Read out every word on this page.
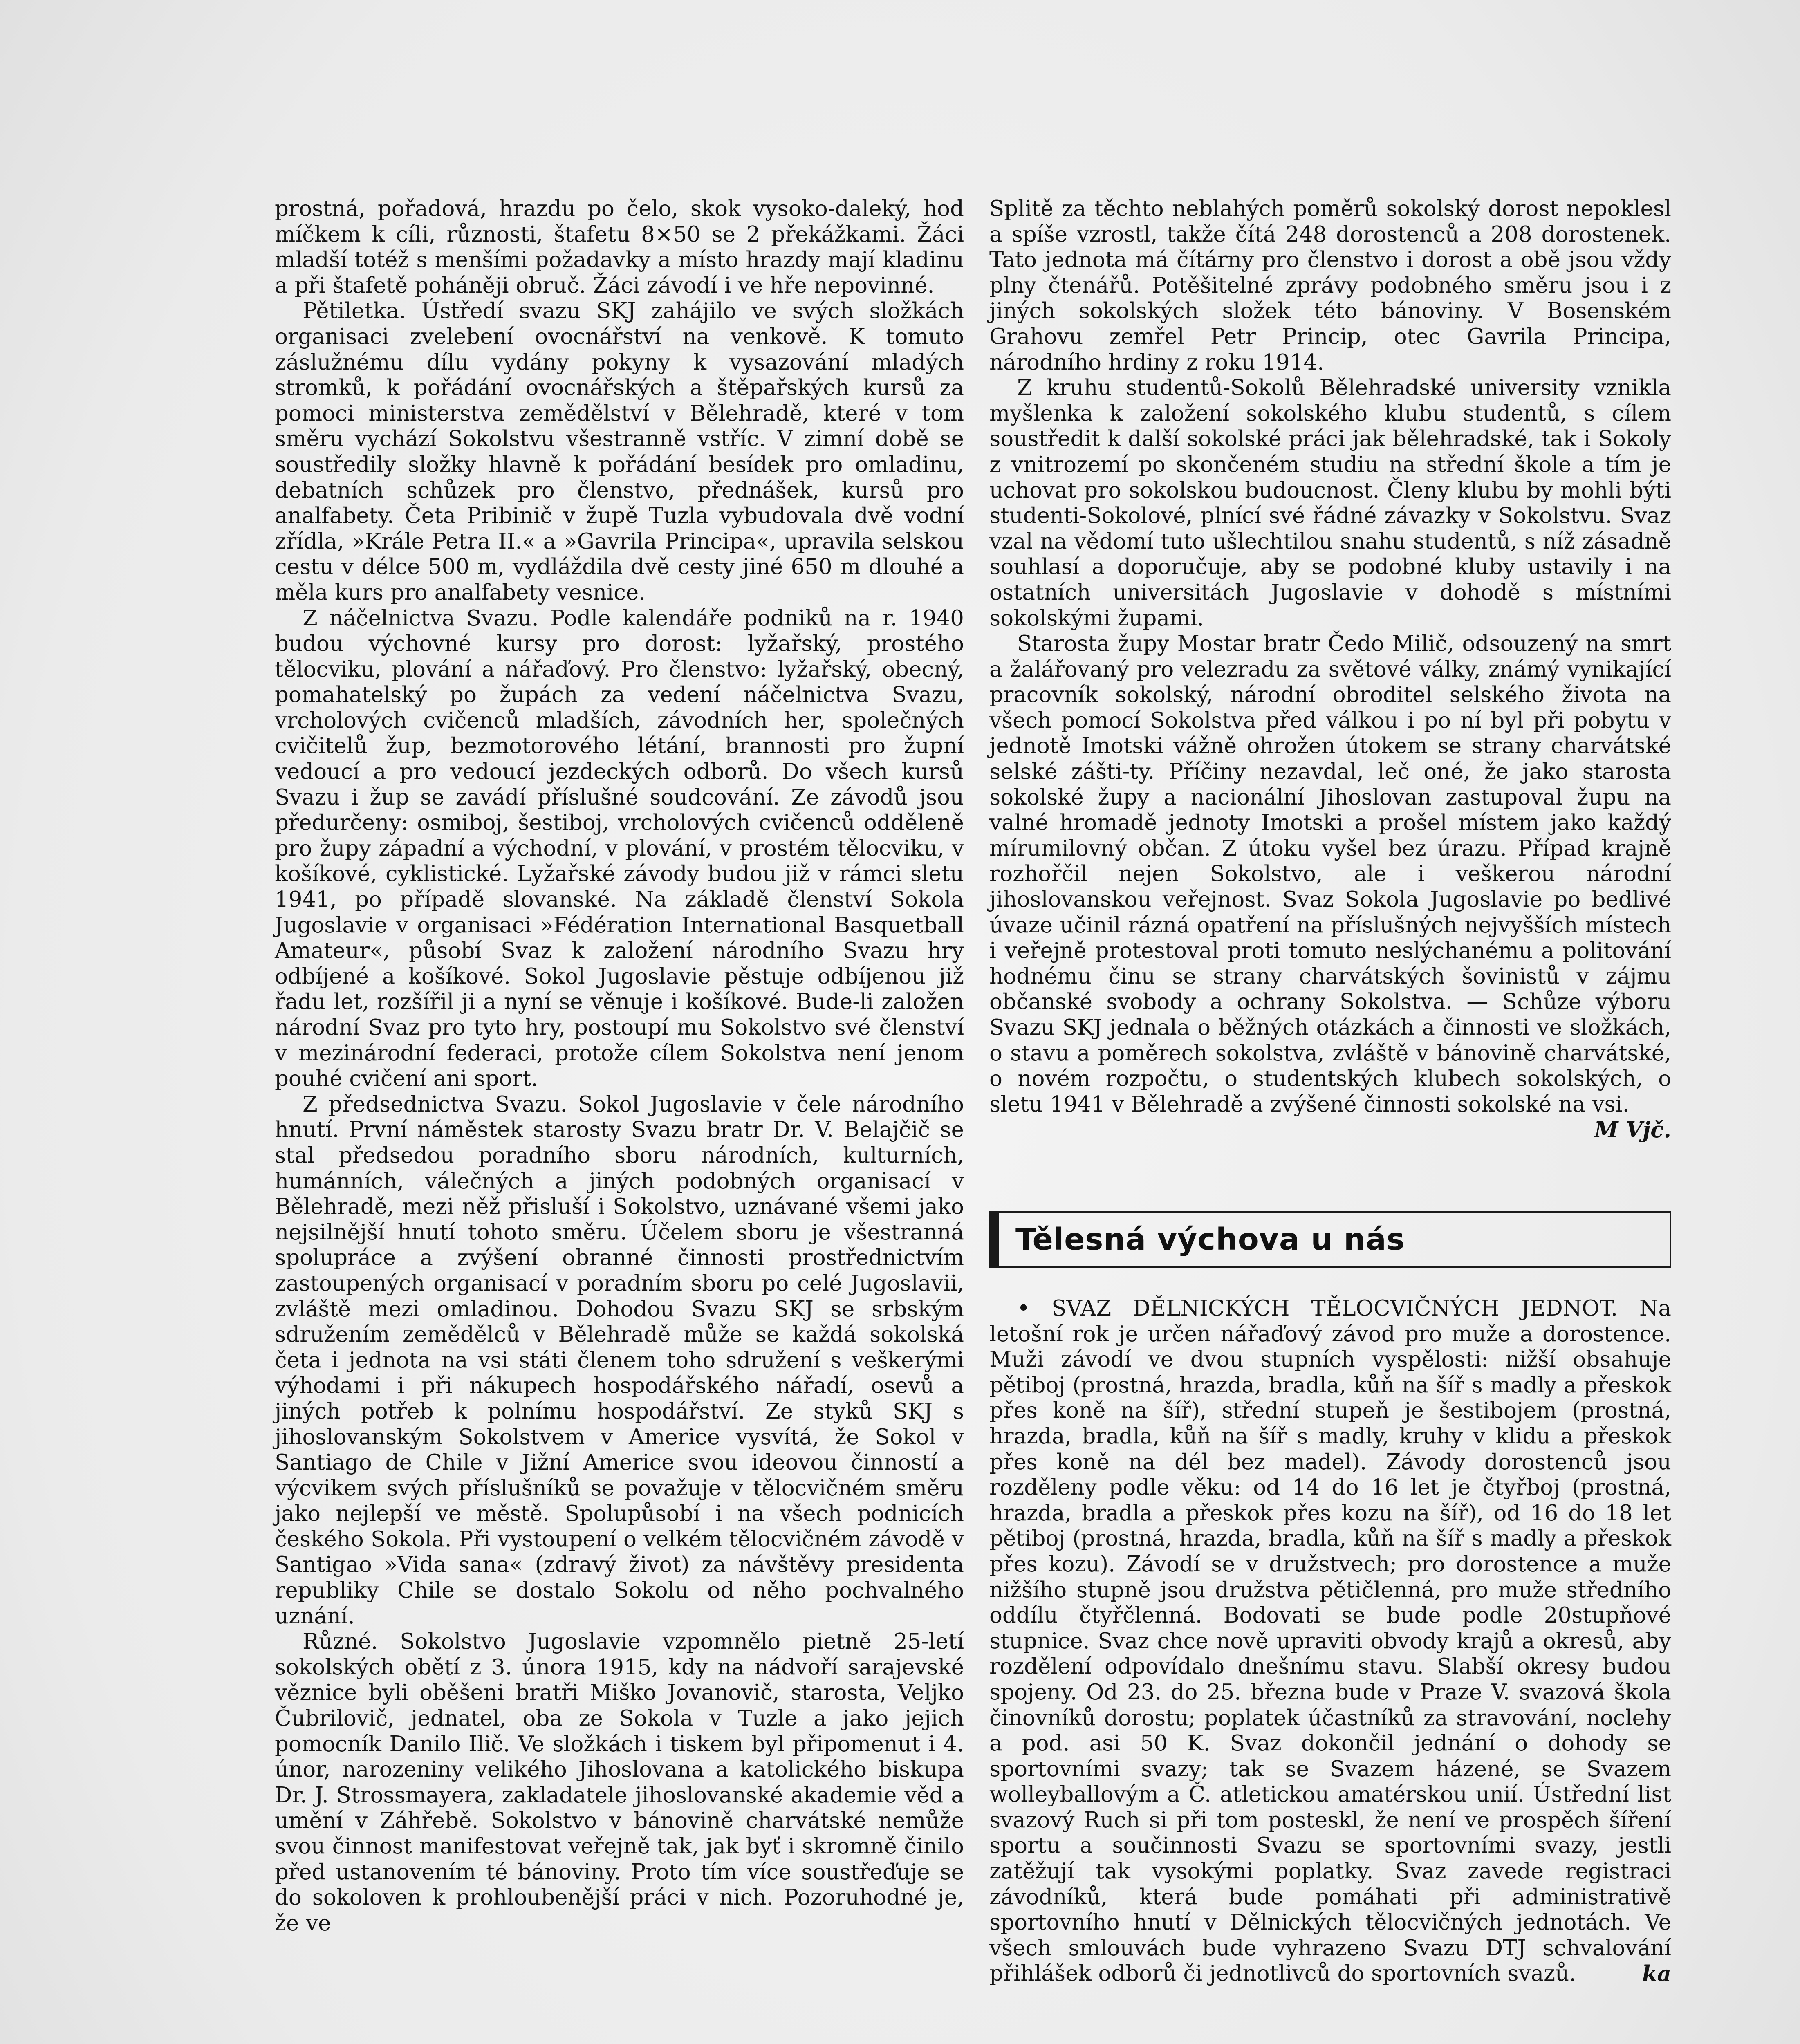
prostná, pořadová, hrazdu po čelo, skok vysoko-daleký, hod míčkem k cíli, různosti, štafetu 8×50 se 2 překážkami. Žáci mladší totéž s menšími požadavky a místo hrazdy mají kladinu a při štafetě poháněji obruč. Žáci závodí i ve hře nepovinné.

Pětiletka. Ústředí svazu SKJ zahájilo ve svých složkách organisaci zvelebení ovocnářství na venkově. K tomuto záslužnému dílu vydány pokyny k vysazování mladých stromků, k pořádání ovocnářských a štěpařských kursů za pomoci ministerstva zemědělství v Bělehradě, které v tom směru vychází Sokolstvu všestranně vstříc. V zimní době se soustředily složky hlavně k pořádání besídek pro omladinu, debatních schůzek pro členstvo, přednášek, kursů pro analfabety. Četa Pribinič v župě Tuzla vybudovala dvě vodní zřídla, »Krále Petra II.« a »Gavrila Principa«, upravila selskou cestu v délce 500 m, vydláždila dvě cesty jiné 650 m dlouhé a měla kurs pro analfabety vesnice.

Z náčelnictva Svazu. Podle kalendáře podniků na r. 1940 budou výchovné kursy pro dorost: lyžařský, prostého tělocviku, plování a nářaďový. Pro členstvo: lyžařský, obecný, pomahatelský po župách za vedení náčelnictva Svazu, vrcholových cvičenců mladších, závodních her, společných cvičitelů žup, bezmotorového létání, brannosti pro župní vedoucí a pro vedoucí jezdeckých odborů. Do všech kursů Svazu i žup se zavádí příslušné soudcování. Ze závodů jsou předurčeny: osmiboj, šestiboj, vrcholových cvičenců odděleně pro župy západní a východní, v plování, v prostém tělocviku, v košíkové, cyklistické. Lyžařské závody budou již v rámci sletu 1941, po případě slovanské. Na základě členství Sokola Jugoslavie v organisaci »Fédération International Basquetball Amateur«, působí Svaz k založení národního Svazu hry odbíjené a košíkové. Sokol Jugoslavie pěstuje odbíjenou již řadu let, rozšířil ji a nyní se věnuje i košíkové. Bude-li založen národní Svaz pro tyto hry, postoupí mu Sokolstvo své členství v mezinárodní federaci, protože cílem Sokolstva není jenom pouhé cvičení ani sport.

Z předsednictva Svazu. Sokol Jugoslavie v čele národního hnutí. První náměstek starosty Svazu bratr Dr. V. Belajčič se stal předsedou poradního sboru národních, kulturních, humánních, válečných a jiných podobných organisací v Bělehradě, mezi něž přisluší i Sokolstvo, uznávané všemi jako nejsilnější hnutí tohoto směru. Účelem sboru je všestranná spolupráce a zvýšení obranné činnosti prostřednictvím zastoupených organisací v poradním sboru po celé Jugoslavii, zvláště mezi omladinou. Dohodou Svazu SKJ se srbským sdružením zemědělců v Bělehradě může se každá sokolská četa i jednota na vsi státi členem toho sdružení s veškerými výhodami i při nákupech hospodářského nářadí, osevů a jiných potřeb k polnímu hospodářství. Ze styků SKJ s jihoslovanským Sokolstvem v Americe vysvítá, že Sokol v Santiago de Chile v Jižní Americe svou ideovou činností a výcvikem svých příslušníků se považuje v tělocvičném směru jako nejlepší ve městě. Spolupůsobí i na všech podnicích českého Sokola. Při vystoupení o velkém tělocvičném závodě v Santigao »Vida sana« (zdravý život) za návštěvy presidenta republiky Chile se dostalo Sokolu od něho pochvalného uznání.

Různé. Sokolstvo Jugoslavie vzpomnělo pietně 25-letí sokolských obětí z 3. února 1915, kdy na nádvoří sarajevské věznice byli oběšeni bratři Miško Jovanovič, starosta, Veljko Čubrilovič, jednatel, oba ze Sokola v Tuzle a jako jejich pomocník Danilo Ilič. Ve složkách i tiskem byl připomenut i 4. únor, narozeniny velikého Jihoslovana a katolického biskupa Dr. J. Strossmayera, zakladatele jihoslovanské akademie věd a umění v Záhřebě. Sokolstvo v bánovině charvátské nemůže svou činnost manifestovat veřejně tak, jak byť i skromně činilo před ustanovením té bánoviny. Proto tím více soustřeďuje se do sokoloven k prohloubenější práci v nich. Pozoruhodné je, že ve

Splitě za těchto neblahých poměrů sokolský dorost nepoklesl a spíše vzrostl, takže čítá 248 dorostenců a 208 dorostenek. Tato jednota má čítárny pro členstvo i dorost a obě jsou vždy plny čtenářů. Potěšitelné zprávy podobného směru jsou i z jiných sokolských složek této bánoviny. V Bosenském Grahovu zemřel Petr Princip, otec Gavrila Principa, národního hrdiny z roku 1914.

Z kruhu studentů-Sokolů Bělehradské university vznikla myšlenka k založení sokolského klubu studentů, s cílem soustředit k další sokolské práci jak bělehradské, tak i Sokoly z vnitrozemí po skončeném studiu na střední škole a tím je uchovat pro sokolskou budoucnost. Členy klubu by mohli býti studenti-Sokolové, plnící své řádné závazky v Sokolstvu. Svaz vzal na vědomí tuto ušlechtilou snahu studentů, s níž zásadně souhlasí a doporučuje, aby se podobné kluby ustavily i na ostatních universitách Jugoslavie v dohodě s místními sokolskými župami.

Starosta župy Mostar bratr Čedo Milič, odsouzený na smrt a žalářovaný pro velezradu za světové války, známý vynikající pracovník sokolský, národní obroditel selského života na všech pomocí Sokolstva před válkou i po ní byl při pobytu v jednotě Imotski vážně ohrožen útokem se strany charvátské selské zášti-ty. Příčiny nezavdal, leč oné, že jako starosta sokolské župy a nacionální Jihoslovan zastupoval župu na valné hromadě jednoty Imotski a prošel místem jako každý mírumilovný občan. Z útoku vyšel bez úrazu. Případ krajně rozhořčil nejen Sokolstvo, ale i veškerou národní jihoslovanskou veřejnost. Svaz Sokola Jugoslavie po bedlivé úvaze učinil rázná opatření na příslušných nejvyšších místech i veřejně protestoval proti tomuto neslýchanému a politování hodnému činu se strany charvátských šovinistů v zájmu občanské svobody a ochrany Sokolstva. — Schůze výboru Svazu SKJ jednala o běžných otázkách a činnosti ve složkách, o stavu a poměrech sokolstva, zvláště v bánovině charvátské, o novém rozpočtu, o studentských klubech sokolských, o sletu 1941 v Bělehradě a zvýšené činnosti sokolské na vsi.
M Vjč.

Tělesná výchova u nás

• SVAZ DĚLNICKÝCH TĚLOCVIČNÝCH JEDNOT. Na letošní rok je určen nářaďový závod pro muže a dorostence. Muži závodí ve dvou stupních vyspělosti: nižší obsahuje pětiboj (prostná, hrazda, bradla, kůň na šíř s madly a přeskok přes koně na šíř), střední stupeň je šestibojem (prostná, hrazda, bradla, kůň na šíř s madly, kruhy v klidu a přeskok přes koně na dél bez madel). Závody dorostenců jsou rozděleny podle věku: od 14 do 16 let je čtyřboj (prostná, hrazda, bradla a přeskok přes kozu na šíř), od 16 do 18 let pětiboj (prostná, hrazda, bradla, kůň na šíř s madly a přeskok přes kozu). Závodí se v družstvech; pro dorostence a muže nižšího stupně jsou družstva pětičlenná, pro muže středního oddílu čtyřčlenná. Bodovati se bude podle 20stupňové stupnice. Svaz chce nově upraviti obvody krajů a okresů, aby rozdělení odpovídalo dnešnímu stavu. Slabší okresy budou spojeny. Od 23. do 25. března bude v Praze V. svazová škola činovníků dorostu; poplatek účastníků za stravování, noclehy a pod. asi 50 K. Svaz dokončil jednání o dohody se sportovními svazy; tak se Svazem házené, se Svazem wolleyballovým a Č. atletickou amatérskou unií. Ústřední list svazový Ruch si při tom posteskl, že není ve prospěch šíření sportu a součinnosti Svazu se sportovními svazy, jestli zatěžují tak vysokými poplatky. Svaz zavede registraci závodníků, která bude pomáhati při administrativě sportovního hnutí v Dělnických tělocvičných jednotách. Ve všech smlouvách bude vyhrazeno Svazu DTJ schvalování přihlášek odborů či jednotlivců do sportovních svazů.	ka
